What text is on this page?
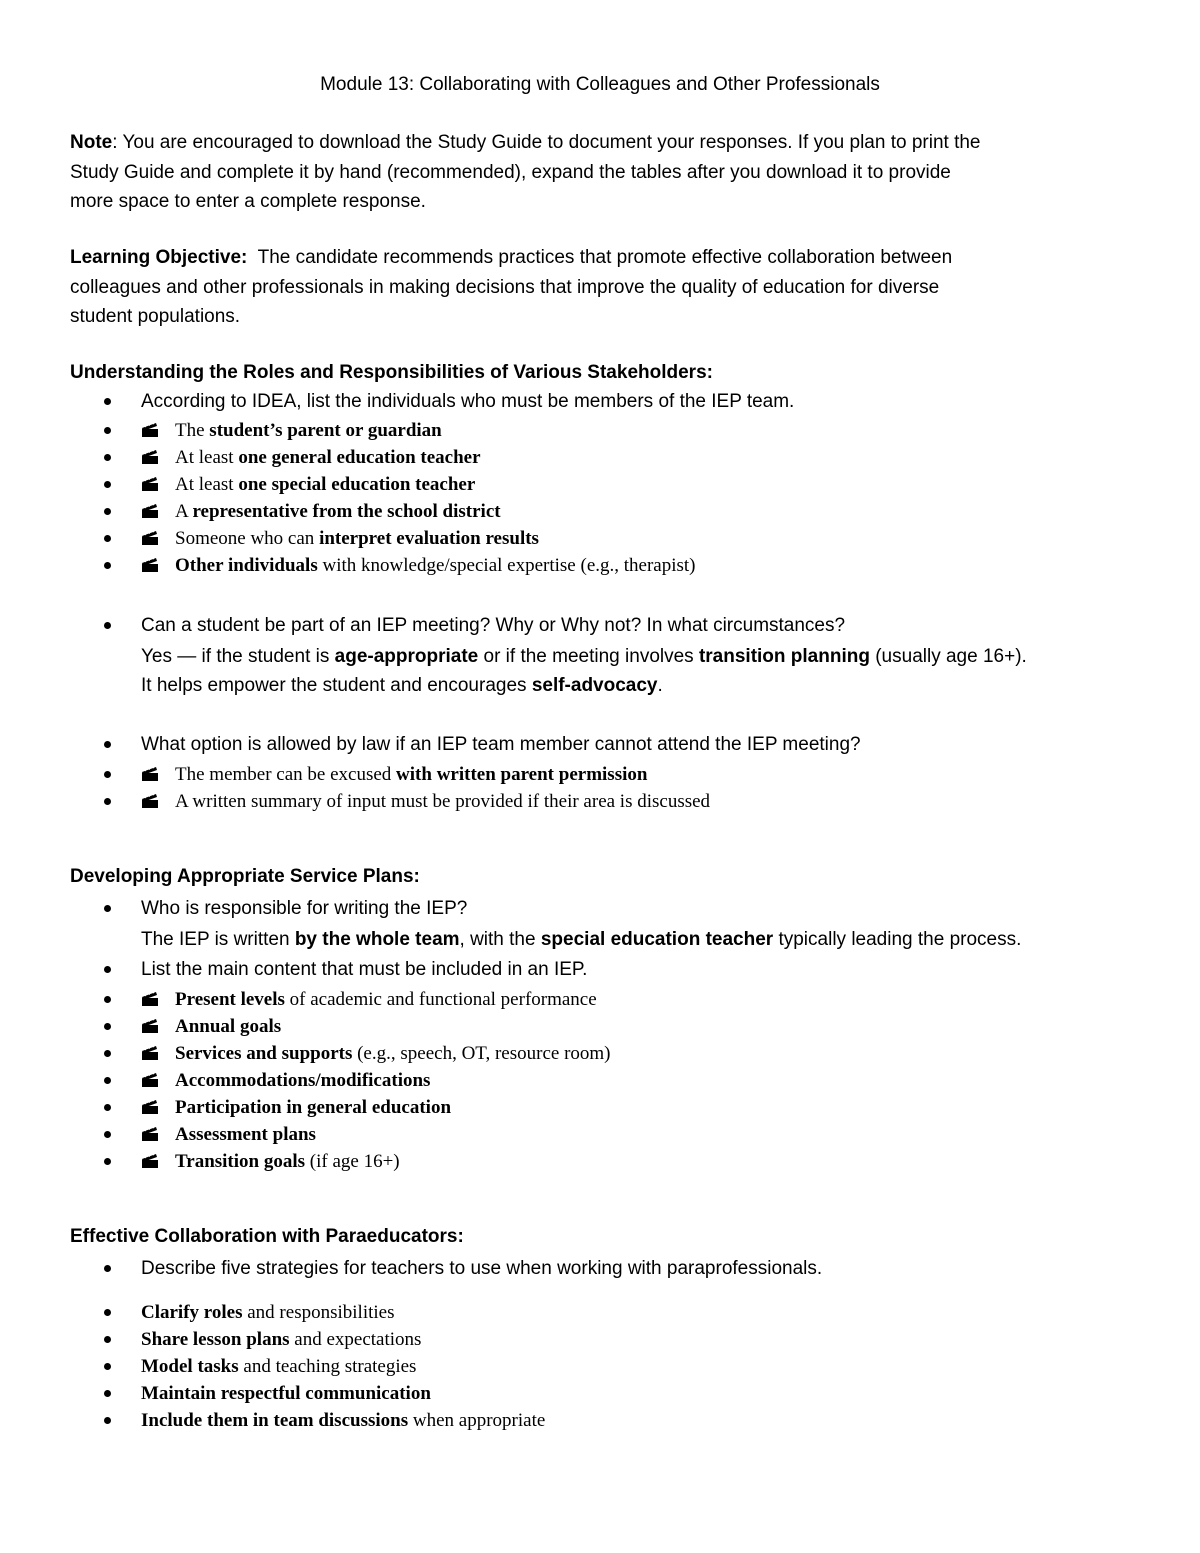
Module 13: Collaborating with Colleagues and Other Professionals
Note: You are encouraged to download the Study Guide to document your responses. If you plan to print the
Study Guide and complete it by hand (recommended), expand the tables after you download it to provide
more space to enter a complete response.
Learning Objective: The candidate recommends practices that promote effective collaboration between
colleagues and other professionals in making decisions that improve the quality of education for diverse
student populations.
Understanding the Roles and Responsibilities of Various Stakeholders:
According to IDEA, list the individuals who must be members of the IEP team.
The student’s parent or guardian
At least one general education teacher
At least one special education teacher
A representative from the school district
Someone who can interpret evaluation results
Other individuals with knowledge/special expertise (e.g., therapist)
Can a student be part of an IEP meeting? Why or Why not? In what circumstances?
Yes — if the student is age-appropriate or if the meeting involves transition planning (usually age 16+).
It helps empower the student and encourages self-advocacy.
What option is allowed by law if an IEP team member cannot attend the IEP meeting?
The member can be excused with written parent permission
A written summary of input must be provided if their area is discussed
Developing Appropriate Service Plans:
Who is responsible for writing the IEP?
The IEP is written by the whole team, with the special education teacher typically leading the process.
List the main content that must be included in an IEP.
Present levels of academic and functional performance
Annual goals
Services and supports (e.g., speech, OT, resource room)
Accommodations/modifications
Participation in general education
Assessment plans
Transition goals (if age 16+)
Effective Collaboration with Paraeducators:
Describe five strategies for teachers to use when working with paraprofessionals.
Clarify roles and responsibilities
Share lesson plans and expectations
Model tasks and teaching strategies
Maintain respectful communication
Include them in team discussions when appropriate
